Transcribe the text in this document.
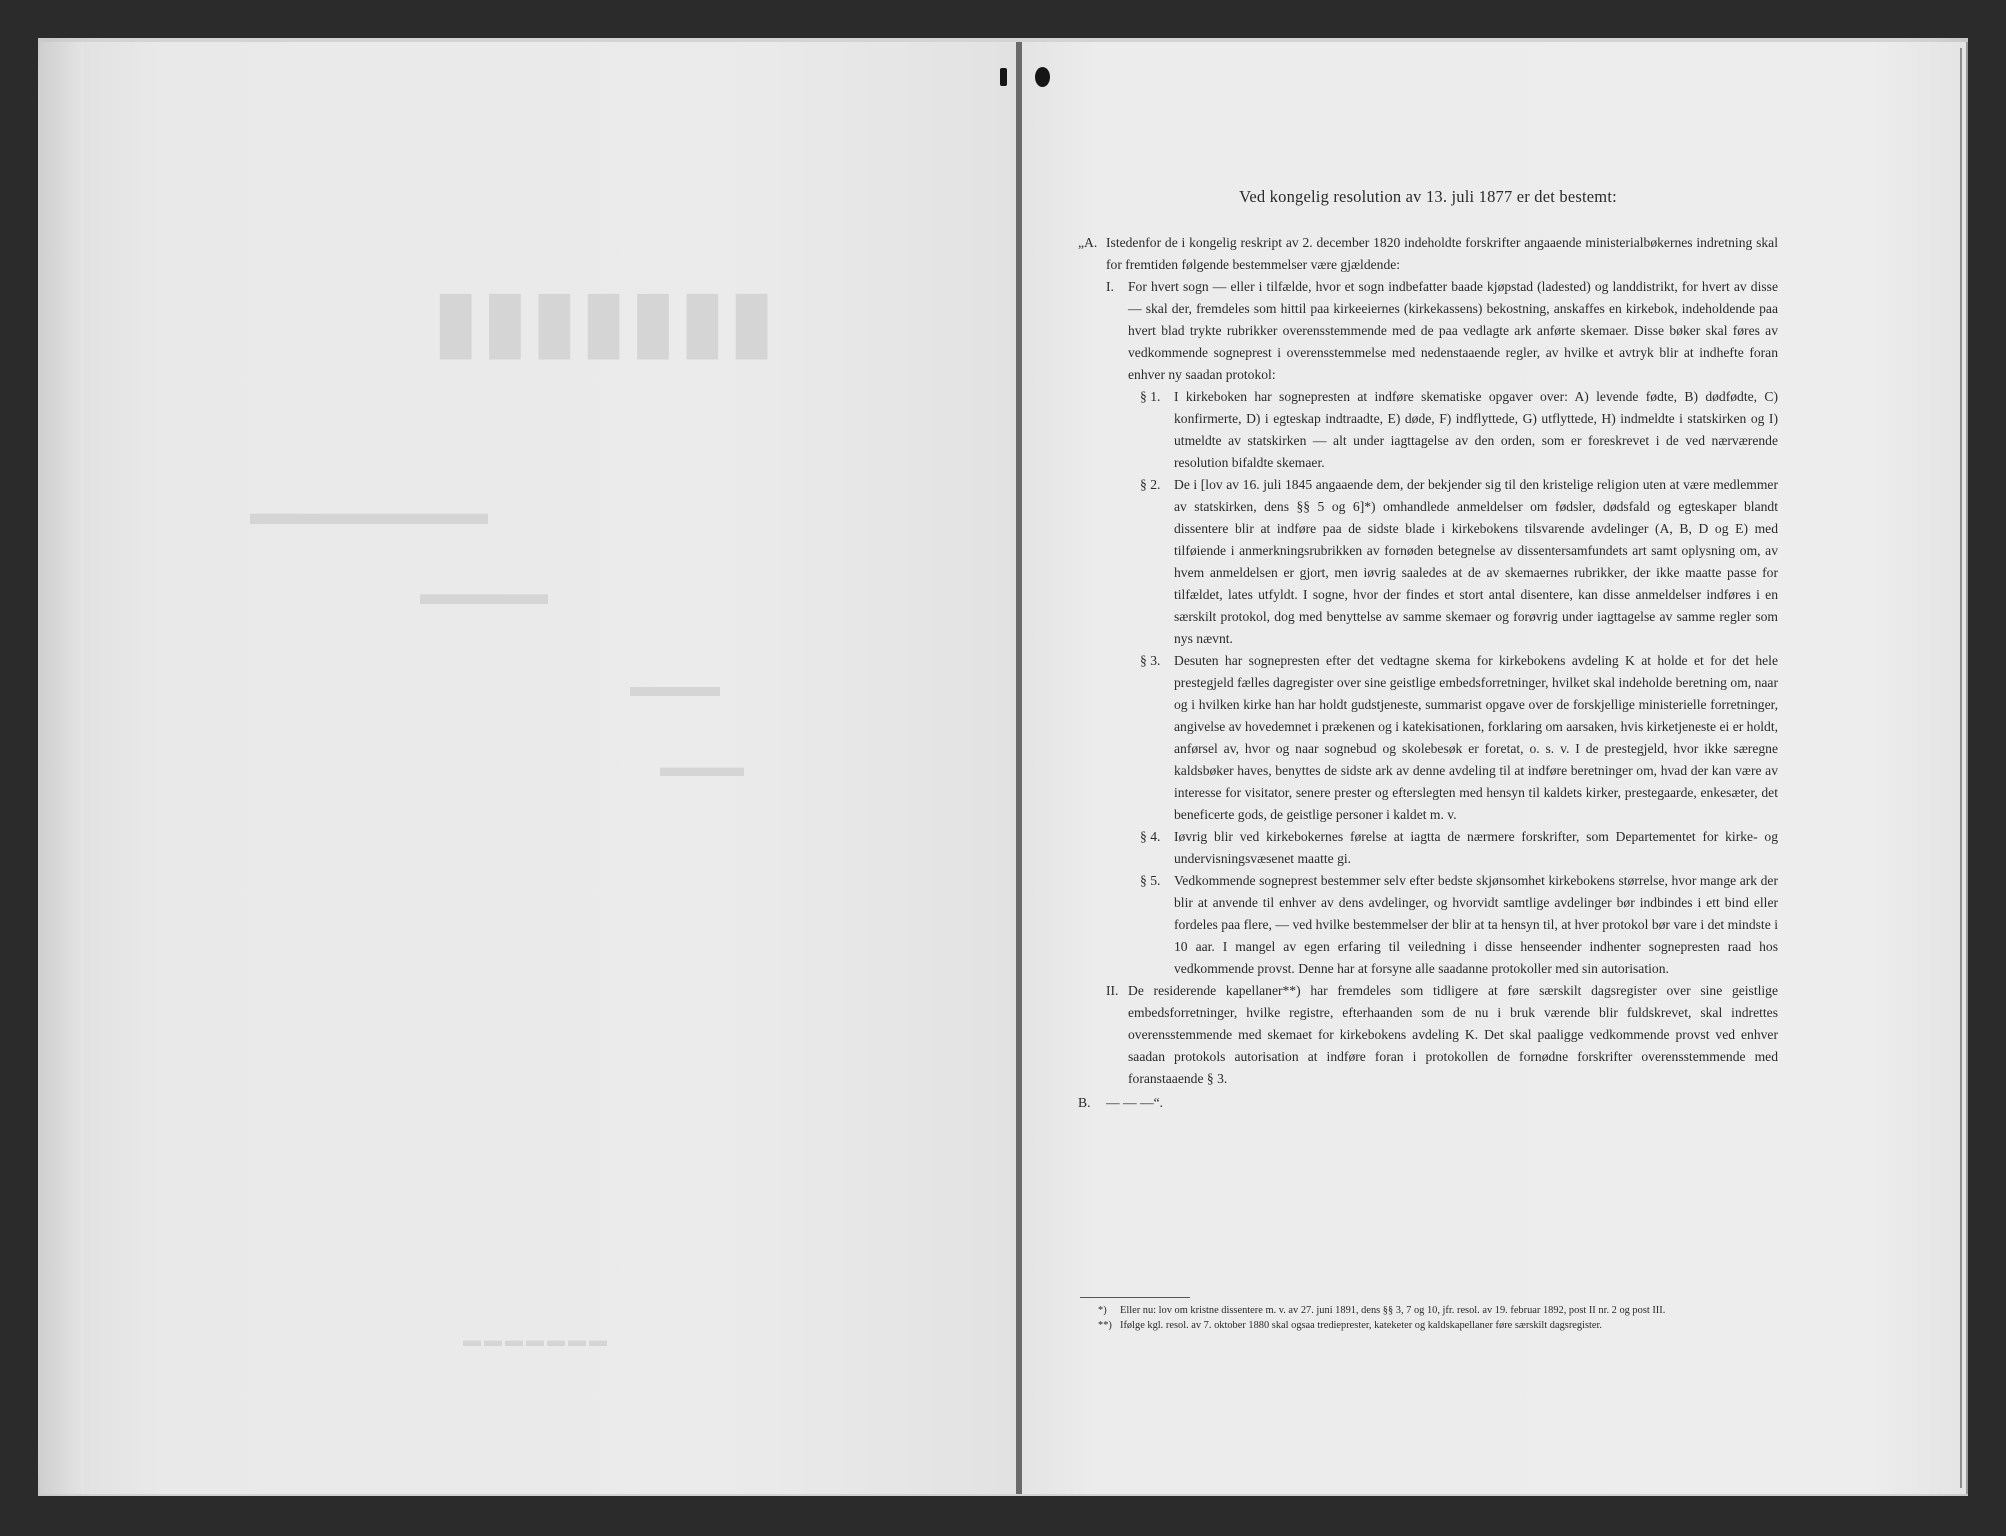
▮▮▮▮▮▮▮
▬▬▬▬▬▬▬
▬▬▬▬
▬▬▬
▬▬▬
▬▬▬▬▬▬▬
Ved kongelig resolution av 13. juli 1877 er det bestemt:
„A. Istedenfor de i kongelig reskript av 2. december 1820 indeholdte forskrifter angaaende ministerialbøkernes indretning skal for fremtiden følgende bestemmelser være gjældende:
I.	For hvert sogn — eller i tilfælde, hvor et sogn indbefatter baade kjøpstad (ladested) og landdistrikt, for hvert av disse — skal der, fremdeles som hittil paa kirkeeiernes (kirkekassens) bekostning, anskaffes en kirkebok, indeholdende paa hvert blad trykte rubrikker overensstemmende med de paa vedlagte ark anførte skemaer. Disse bøker skal føres av vedkommende sogneprest i overensstemmelse med nedenstaaende regler, av hvilke et avtryk blir at indhefte foran enhver ny saadan protokol:
§ 1.	I kirkeboken har sognepresten at indføre skematiske opgaver over: A) levende fødte, B) dødfødte, C) konfirmerte, D) i egteskap indtraadte, E) døde, F) indflyttede, G) utflyttede, H) indmeldte i statskirken og I) utmeldte av statskirken — alt under iagttagelse av den orden, som er foreskrevet i de ved nærværende resolution bifaldte skemaer.
§ 2.	De i [lov av 16. juli 1845 angaaende dem, der bekjender sig til den kristelige religion uten at være medlemmer av statskirken, dens §§ 5 og 6]*) omhandlede anmeldelser om fødsler, dødsfald og egteskaper blandt dissentere blir at indføre paa de sidste blade i kirkebokens tilsvarende avdelinger (A, B, D og E) med tilføiende i anmerkningsrubrikken av fornøden betegnelse av dissentersamfundets art samt oplysning om, av hvem anmeldelsen er gjort, men iøvrig saaledes at de av skemaernes rubrikker, der ikke maatte passe for tilfældet, lates utfyldt. I sogne, hvor der findes et stort antal disentere, kan disse anmeldelser indføres i en særskilt protokol, dog med benyttelse av samme skemaer og forøvrig under iagttagelse av samme regler som nys nævnt.
§ 3.	Desuten har sognepresten efter det vedtagne skema for kirkebokens avdeling K at holde et for det hele prestegjeld fælles dagregister over sine geistlige embedsforretninger, hvilket skal indeholde beretning om, naar og i hvilken kirke han har holdt gudstjeneste, summarist opgave over de forskjellige ministerielle forretninger, angivelse av hovedemnet i prækenen og i katekisationen, forklaring om aarsaken, hvis kirketjeneste ei er holdt, anførsel av, hvor og naar sognebud og skolebesøk er foretat, o. s. v. I de prestegjeld, hvor ikke særegne kaldsbøker haves, benyttes de sidste ark av denne avdeling til at indføre beretninger om, hvad der kan være av interesse for visitator, senere prester og efterslegten med hensyn til kaldets kirker, prestegaarde, enkesæter, det beneficerte gods, de geistlige personer i kaldet m. v.
§ 4.	Iøvrig blir ved kirkebokernes førelse at iagtta de nærmere forskrifter, som Departementet for kirke- og undervisningsvæsenet maatte gi.
§ 5.	Vedkommende sogneprest bestemmer selv efter bedste skjønsomhet kirkebokens størrelse, hvor mange ark der blir at anvende til enhver av dens avdelinger, og hvorvidt samtlige avdelinger bør indbindes i ett bind eller fordeles paa flere, — ved hvilke bestemmelser der blir at ta hensyn til, at hver protokol bør vare i det mindste i 10 aar. I mangel av egen erfaring til veiledning i disse henseender indhenter sognepresten raad hos vedkommende provst. Denne har at forsyne alle saadanne protokoller med sin autorisation.
II. De residerende kapellaner**) har fremdeles som tidligere at føre særskilt dagsregister over sine geistlige embedsforretninger, hvilke registre, efterhaanden som de nu i bruk værende blir fuldskrevet, skal indrettes overensstemmende med skemaet for kirkebokens avdeling K. Det skal paaligge vedkommende provst ved enhver saadan protokols autorisation at indføre foran i protokollen de fornødne forskrifter overensstemmende med foranstaaende § 3.
B.	— — —“.
*)	Eller nu: lov om kristne dissentere m. v. av 27. juni 1891, dens §§ 3, 7 og 10, jfr. resol. av 19. februar 1892, post II nr. 2 og post III.
**) Ifølge kgl. resol. av 7. oktober 1880 skal ogsaa tredieprester, kateketer og kaldskapellaner føre særskilt dagsregister.
